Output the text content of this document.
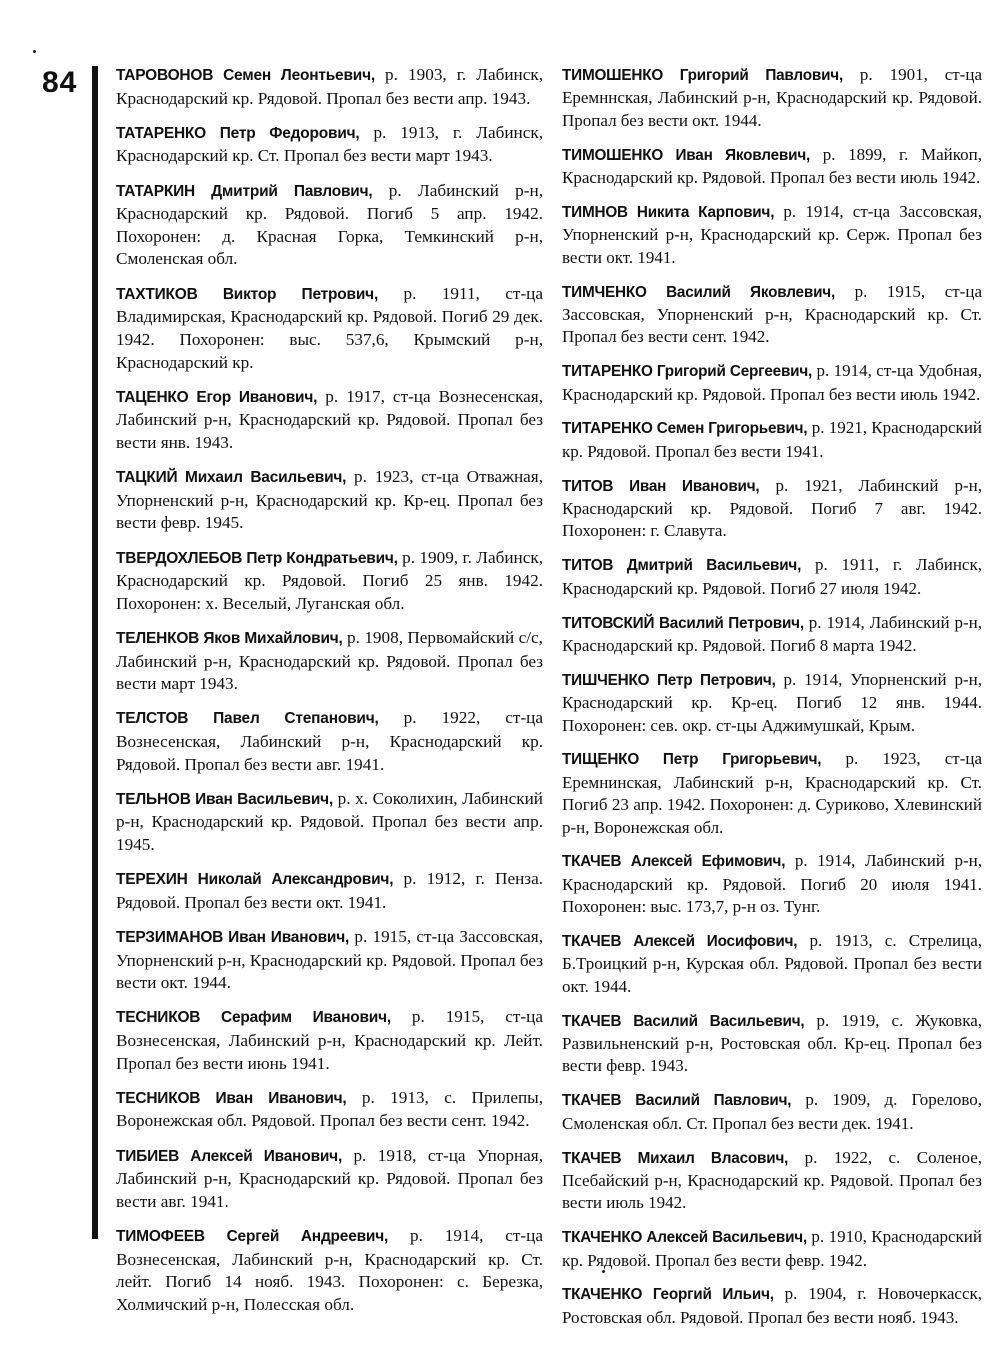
84 ТАРОВОНОВ Семен Леонтьевич, р. 1903, г. Лабинск, Краснодарский кр. Рядовой. Пропал без вести апр. 1943.

ТАТАРЕНКО Петр Федорович, р. 1913, г. Лабинск, Краснодарский кр. Ст. Пропал без вести март 1943.

ТАТАРКИН Дмитрий Павлович, р. Лабинский р-н, Краснодарский кр. Рядовой. Погиб 5 апр. 1942. Похоронен: д. Красная Горка, Темкинский р-н, Смоленская обл.

ТАХТИКОВ Виктор Петрович, р. 1911, ст-ца Владимирская, Краснодарский кр. Рядовой. Погиб 29 дек. 1942. Похоронен: выс. 537,6, Крымский р-н, Краснодарский кр.

ТАЦЕНКО Егор Иванович, р. 1917, ст-ца Вознесенская, Лабинский р-н, Краснодарский кр. Рядовой. Пропал без вести янв. 1943.

ТАЦКИЙ Михаил Васильевич, р. 1923, ст-ца Отважная, Упорненский р-н, Краснодарский кр. Кр-ец. Пропал без вести февр. 1945.

ТВЕРДОХЛЕБОВ Петр Кондратьевич, р. 1909, г. Лабинск, Краснодарский кр. Рядовой. Погиб 25 янв. 1942. Похоронен: х. Веселый, Луганская обл.

ТЕЛЕНКОВ Яков Михайлович, р. 1908, Первомайский с/с, Лабинский р-н, Краснодарский кр. Рядовой. Пропал без вести март 1943.

ТЕЛСТОВ Павел Степанович, р. 1922, ст-ца Вознесенская, Лабинский р-н, Краснодарский кр. Рядовой. Пропал без вести авг. 1941.

ТЕЛЬНОВ Иван Васильевич, р. х. Соколихин, Лабинский р-н, Краснодарский кр. Рядовой. Пропал без вести апр. 1945.

ТЕРЕХИН Николай Александрович, р. 1912, г. Пенза. Рядовой. Пропал без вести окт. 1941.

ТЕРЗИМАНОВ Иван Иванович, р. 1915, ст-ца Зассовская, Упорненский р-н, Краснодарский кр. Рядовой. Пропал без вести окт. 1944.

ТЕСНИКОВ Серафим Иванович, р. 1915, ст-ца Вознесенская, Лабинский р-н, Краснодарский кр. Лейт. Пропал без вести июнь 1941.

ТЕСНИКОВ Иван Иванович, р. 1913, с. Прилепы, Воронежская обл. Рядовой. Пропал без вести сент. 1942.

ТИБИЕВ Алексей Иванович, р. 1918, ст-ца Упорная, Лабинский р-н, Краснодарский кр. Рядовой. Пропал без вести авг. 1941.

ТИМОФЕЕВ Сергей Андреевич, р. 1914, ст-ца Вознесенская, Лабинский р-н, Краснодарский кр. Ст. лейт. Погиб 14 нояб. 1943. Похоронен: с. Березка, Холмичский р-н, Полесская обл.

ТИМОШЕНКО Григорий Павлович, р. 1901, ст-ца Еремннская, Лабинский р-н, Краснодарский кр. Рядовой. Пропал без вести окт. 1944.

ТИМОШЕНКО Иван Яковлевич, р. 1899, г. Майкоп, Краснодарский кр. Рядовой. Пропал без вести июль 1942.

ТИМНОВ Никита Карпович, р. 1914, ст-ца Зассовская, Упорненский р-н, Краснодарский кр. Серж. Пропал без вести окт. 1941.

ТИМЧЕНКО Василий Яковлевич, р. 1915, ст-ца Зассовская, Упорненский р-н, Краснодарский кр. Ст. Пропал без вести сент. 1942.

ТИТАРЕНКО Григорий Сергеевич, р. 1914, ст-ца Удобная, Краснодарский кр. Рядовой. Пропал без вести июль 1942.

ТИТАРЕНКО Семен Григорьевич, р. 1921, Краснодарский кр. Рядовой. Пропал без вести 1941.

ТИТОВ Иван Иванович, р. 1921, Лабинский р-н, Краснодарский кр. Рядовой. Погиб 7 авг. 1942. Похоронен: г. Славута.

ТИТОВ Дмитрий Васильевич, р. 1911, г. Лабинск, Краснодарский кр. Рядовой. Погиб 27 июля 1942.

ТИТОВСКИЙ Василий Петрович, р. 1914, Лабинский р-н, Краснодарский кр. Рядовой. Погиб 8 марта 1942.

ТИШЧЕНКО Петр Петрович, р. 1914, Упорненский р-н, Краснодарский кр. Кр-ец. Погиб 12 янв. 1944. Похоронен: сев. окр. ст-цы Аджимушкай, Крым.

ТИЩЕНКО Петр Григорьевич, р. 1923, ст-ца Еремнинская, Лабинский р-н, Краснодарский кр. Ст. Погиб 23 апр. 1942. Похоронен: д. Суриково, Хлевинский р-н, Воронежская обл.

ТКАЧЕВ Алексей Ефимович, р. 1914, Лабинский р-н, Краснодарский кр. Рядовой. Погиб 20 июля 1941. Похоронен: выс. 173,7, р-н оз. Тунг.

ТКАЧЕВ Алексей Иосифович, р. 1913, с. Стрелица, Б.Троицкий р-н, Курская обл. Рядовой. Пропал без вести окт. 1944.

ТКАЧЕВ Василий Васильевич, р. 1919, с. Жуковка, Развильненский р-н, Ростовская обл. Кр-ец. Пропал без вести февр. 1943.

ТКАЧЕВ Василий Павлович, р. 1909, д. Горелово, Смоленская обл. Ст. Пропал без вести дек. 1941.

ТКАЧЕВ Михаил Власович, р. 1922, с. Соленое, Псебайский р-н, Краснодарский кр. Рядовой. Пропал без вести июль 1942.

ТКАЧЕНКО Алексей Васильевич, р. 1910, Краснодарский кр. Рядовой. Пропал без вести февр. 1942.

ТКАЧЕНКО Георгий Ильич, р. 1904, г. Новочеркасск, Ростовская обл. Рядовой. Пропал без вести нояб. 1943.
